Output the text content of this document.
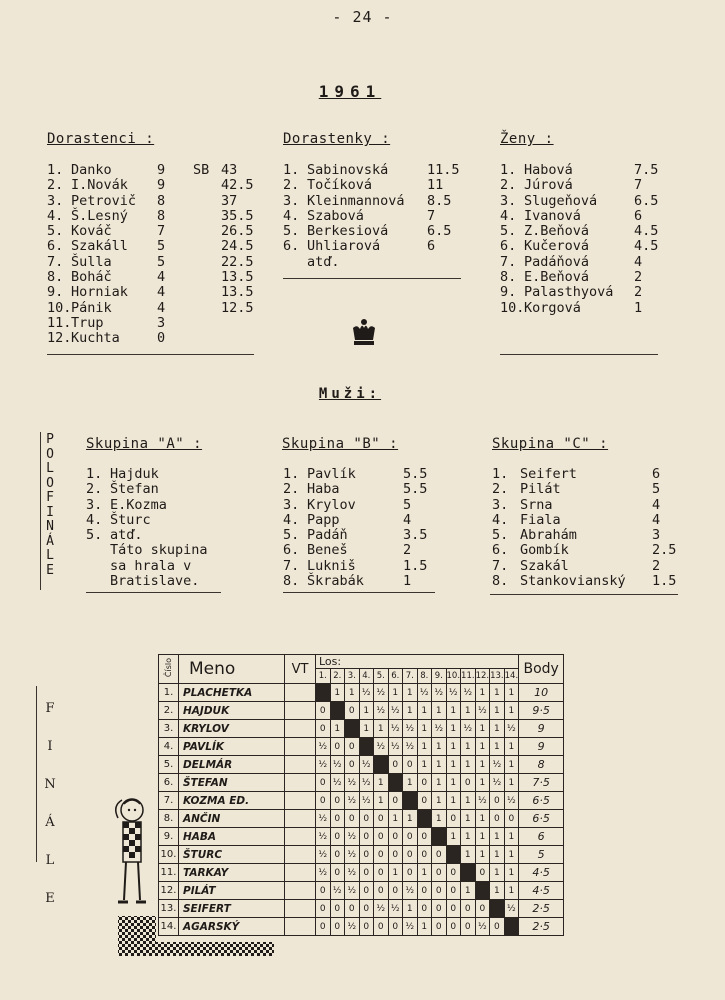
- 24 -
1961
Dorastenci :
1. Danko	9 SB 43
2. I.Novák 9	42.5
3. Petrovič 8	37
4. Š.Lesný 8	35.5
5. Kováč	7	26.5
6. Szakáll 5	24.5
7. Šulla	5	22.5
8. Boháč	4	13.5
9. Horniak 4	13.5
10. Pánik	4	12.5
11. Trup	3
12. Kuchta	0
Dorastenky :
1. Sabinovská	11.5
2. Točíková	11
3. Kleinmannová 8.5
4. Szabová	7
5. Berkesiová	6.5
6. Uhliarová	6
atď.
Ženy :
1. Habová	7.5
2. Júrová	7
3. Slugeňová	6.5
4. Ivanová	6
5. Z.Beňová	4.5
6. Kučerová	4.5
7. Padáňová	4
8. E.Beňová	2
9. Palasthyová 2
10. Korgová	1
Muži:
P
O
L
O
F
I
N
Á
L
E
Skupina "A" :
1. Hajduk
2. Štefan
3. E.Kozma
4. Šturc
5. atď.
Táto skupina
sa hrala v
Bratislave.
Skupina "B" :
1. Pavlík	5.5
2. Haba	5.5
3. Krylov	5
4. Papp	4
5. Padáň	3.5
6. Beneš	2
7. Lukniš	1.5
8. Škrabák	1
Skupina "C" :
1. Seifert	6
2. Pilát	5
3. Srna	4
4. Fiala	4
5. Abrahám	3
6. Gombík	2.5
7. Szakál	2
8. Stankovianský 1.5
F
I
N
Á
L
E
Číslo	Meno	VT	Los:														Body
			1.	2.	3.	4.	5.	6.	7.	8.	9.	10.	11.	12.	13.	14.	
1.	PLACHETKA			1	1	½	½	1	1	½	½	½	½	1	1	1	10
2.	HAJDUK		0		0	1	½	½	1	1	1	1	1	½	1	1	9·5
3.	KRYLOV		0	1		1	1	½	½	1	½	1	½	1	1	½	9
4.	PAVLÍK		½	0	0		½	½	½	1	1	1	1	1	1	1	9
5.	DELMÁR		½	½	0	½		0	0	1	1	1	1	1	½	1	8
6.	ŠTEFAN		0	½	½	½	1		1	0	1	1	0	1	½	1	7·5
7.	KOZMA ED.		0	0	½	½	1	0		0	1	1	1	½	0	½	6·5
8.	ANČIN		½	0	0	0	0	1	1		1	0	1	1	0	0	6·5
9.	HABA		½	0	½	0	0	0	0	0		1	1	1	1	1	6
10.	ŠTURC		½	0	½	0	0	0	0	0	0		1	1	1	1	5
11.	TARKAY		½	0	½	0	0	1	0	1	0	0		0	1	1	4·5
12.	PILÁT		0	½	½	0	0	0	½	0	0	0	1		1	1	4·5
13.	SEIFERT		0	0	0	0	½	½	1	0	0	0	0	0		½	2·5
14.	AGARSKÝ		0	0	½	0	0	0	½	1	0	0	0	½	0		2·5
